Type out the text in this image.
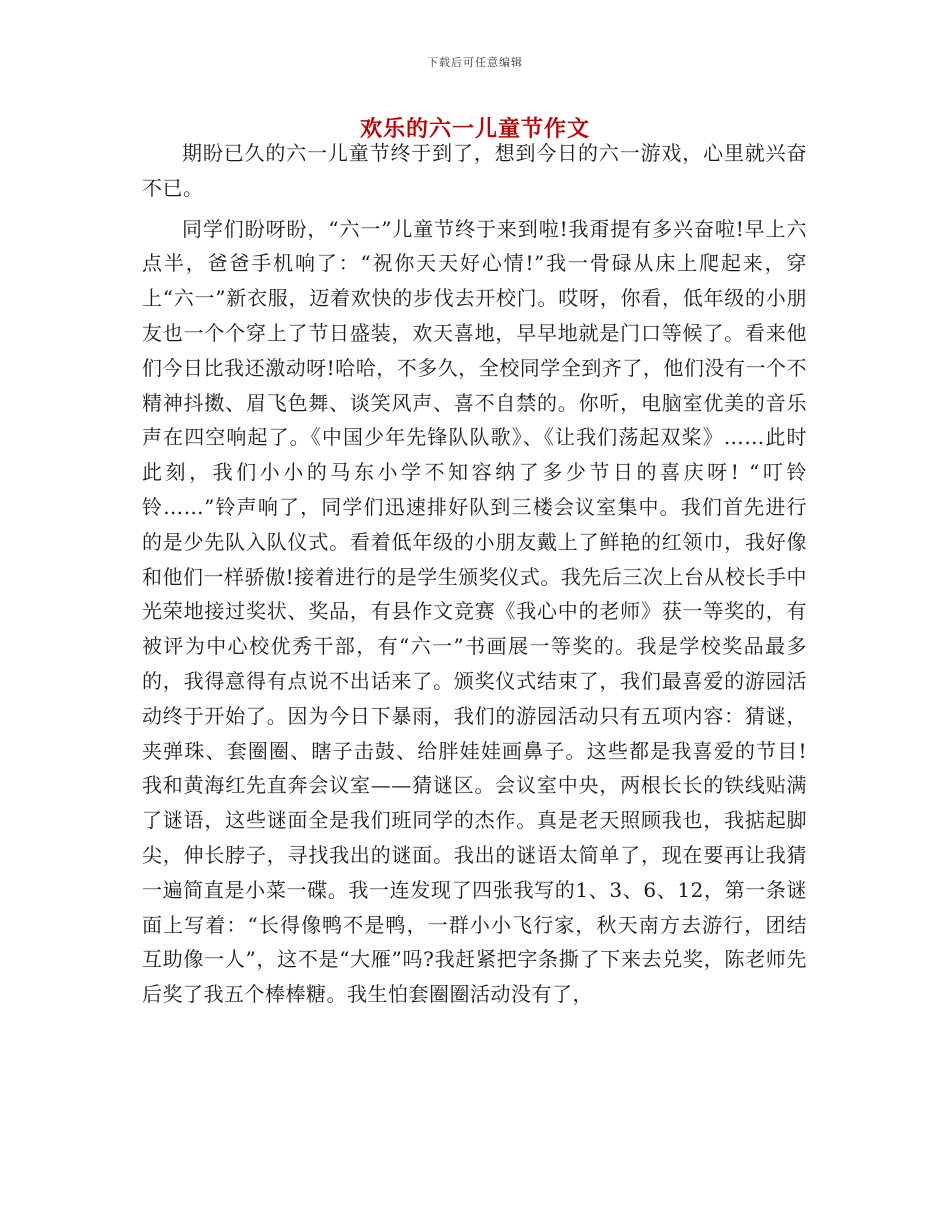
下载后可任意编辑
欢乐的六一儿童节作文

期盼已久的六一儿童节终于到了，想到今日的六一游戏，心里就兴奋不已。

同学们盼呀盼，“六一”儿童节终于来到啦!我甭提有多兴奋啦!早上六点半，爸爸手机响了：“祝你天天好心情!”我一骨碌从床上爬起来，穿上“六一”新衣服，迈着欢快的步伐去开校门。哎呀，你看，低年级的小朋友也一个个穿上了节日盛装，欢天喜地，早早地就是门口等候了。看来他们今日比我还激动呀!哈哈，不多久，全校同学全到齐了，他们没有一个不精神抖擞、眉飞色舞、谈笑风声、喜不自禁的。你听，电脑室优美的音乐声在四空响起了。《中国少年先锋队队歌》、《让我们荡起双桨》……此时此刻，我们小小的马东小学不知容纳了多少节日的喜庆呀! “叮铃铃……”铃声响了，同学们迅速排好队到三楼会议室集中。我们首先进行的是少先队入队仪式。看着低年级的小朋友戴上了鲜艳的红领巾，我好像和他们一样骄傲!接着进行的是学生颁奖仪式。我先后三次上台从校长手中光荣地接过奖状、奖品，有县作文竞赛《我心中的老师》获一等奖的，有被评为中心校优秀干部，有“六一”书画展一等奖的。我是学校奖品最多的，我得意得有点说不出话来了。颁奖仪式结束了，我们最喜爱的游园活动终于开始了。因为今日下暴雨，我们的游园活动只有五项内容：猜谜，夹弹珠、套圈圈、瞎子击鼓、给胖娃娃画鼻子。这些都是我喜爱的节目! 我和黄海红先直奔会议室——猜谜区。会议室中央，两根长长的铁线贴满了谜语，这些谜面全是我们班同学的杰作。真是老天照顾我也，我掂起脚尖，伸长脖子，寻找我出的谜面。我出的谜语太简单了，现在要再让我猜一遍简直是小菜一碟。我一连发现了四张我写的1、3、6、12，第一条谜面上写着：“长得像鸭不是鸭，一群小小飞行家，秋天南方去游行，团结互助像一人”，这不是“大雁”吗?我赶紧把字条撕了下来去兑奖，陈老师先后奖了我五个棒棒糖。我生怕套圈圈活动没有了，
